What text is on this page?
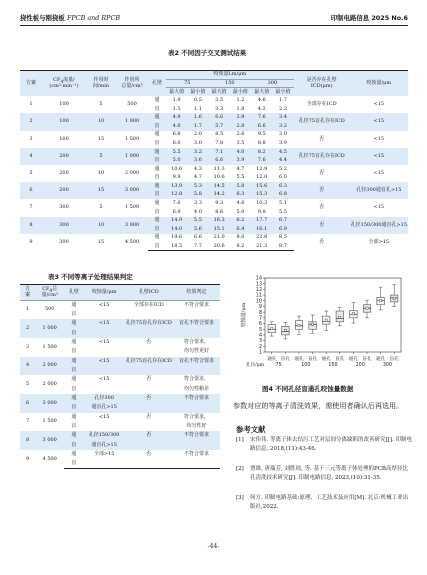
挠性板与刚挠板 FPCB and RPCB	印制电路信息 2025 No.6
表2 不同因子交叉测试结果
方案	$CF_4$流量/
(cm³·min⁻¹)	作用时
间/min	作用所
总量/cm³	孔壁	咬蚀量Lm/μm						是否存在孔壁
ICD(μm)	咬蚀量/μm
					75		150		300			
					最大值	最小值	最大值	最小值	最大值	最小值		
1	100	5	500	通	1.9	0.5	3.5	1.2	4.6	1.7	全部存在ICD	<15
				盲	1.5	1.1	3.3	1.8	4.2	2.3		
2	100	10	1 000	通	4.9	1.6	6.6	2.9	7.6	3.4	孔径75盲孔存在ICD	<15
				盲	4.0	1.7	5.7	2.8	6.6	3.2		
3	100	15	1 500	通	6.8	2.0	8.5	2.6	9.5	3.0	否	<15
				盲	6.0	3.0	7.8	3.5	8.8	3.9		
4	200	5	1 000	通	5.5	3.2	7.1	4.0	8.2	4.5	孔径75盲孔存在ICD	<15
				盲	5.0	3.6	6.6	3.9	7.6	4.4		
5	200	10	2 000	通	10.6	4.3	11.3	4.7	12.9	5.2	否	<15
				盲	9.9	4.7	10.6	5.5	12.0	6.0		
6	200	15	3 000	通	13.9	5.3	14.5	5.8	15.6	6.3	否	孔径300通盲孔>15
				盲	12.8	5.8	14.2	6.3	15.3	6.8		
7	300	5	1 500	通	7.6	3.3	9.3	4.6	10.3	5.1	否	<15
				盲	6.9	4.0	8.6	5.0	9.8	5.5		
8	300	10	3 000	通	14.9	5.5	16.3	6.2	17.7	6.7	否	孔径150/300通盲孔>15
				盲	14.0	5.6	15.1	6.4	16.1	6.9		
9	300	15	4 500	通	19.6	6.6	21.0	8.0	22.6	8.5	否	全部>15
				盲	18.5	7.7	20.6	8.2	21.3	8.7		
表3 不同等离子处理结果判定
方
案	$CF_4$总
量/cm³	孔壁	咬蚀量/μm	孔壁ICD	结果判定
1	500	通	<15	全部存在ICD	不符合要求
		盲			
2	1 000	通	<15	孔径75盲孔存在ICD	盲孔不符合要求
		盲			
3	1 500	通	<15	否	符合要求，
		盲			均匀性更好
4	2 000	通	<15	孔径75盲孔存在ICD	盲孔不符合要求
		盲			
5	2 000	通	<15	否	符合要求，
		盲			均匀性稍差
6	3 000	通	孔径300	否	不符合要求
		盲	通盲孔>15		
7	1 500	通	<15	否	符合要求，
		盲			均匀性好
8	3 000	通	孔径150/300	否	不符合要求
		盲	通盲孔>15		
9	4 500	通	全部>15	否	不符合要求
		盲			
1
2
3
4
5
6
7
8
9
10
11
12
13
14
咬蚀量/μm
通孔 盲孔 通孔 盲孔 通孔 盲孔 通孔 盲孔 通孔 盲孔
75	100	150	200	300
孔径/μm
图4 不同孔径盲通孔咬蚀量数据
参数对应的等离子清洗效果，需使用者确认后再选用。
参考文献
[1]	宋伟伟. 等离子体去钻污工艺对层间分离缺陷的改善研究[J]. 印制电路信息, 2018,(11):43-46.
[2]	贾维, 唐瑞芳, 刘胜琼, 等. 基于三元等离子体处理的PCB高厚径比孔清洗技术研究[J]. 印制电路信息, 2023,(10):31-35.
[3]	何方. 印制电路基础:原理、工艺技术及应用[M]. 北京:机械工业出版社,2022.
-44-
